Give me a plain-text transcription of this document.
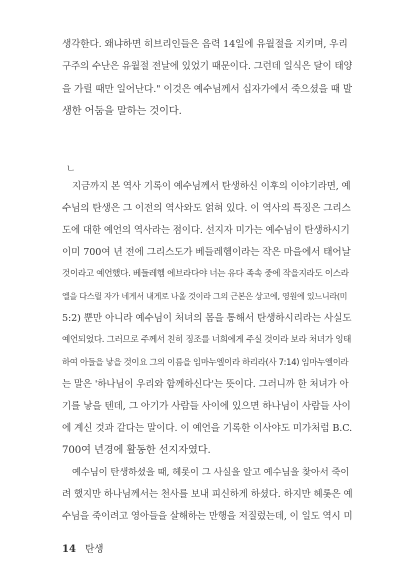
생각한다. 왜냐하면 히브리인들은 음력 14일에 유월절을 지키며, 우리
구주의 수난은 유월절 전날에 있었기 때문이다. 그런데 일식은 달이 태양
을 가릴 때만 일어난다." 이것은 예수님께서 십자가에서 죽으셨을 때 발
생한 어둠을 말하는 것이다.
ㄴ
지금까지 본 역사 기록이 예수님께서 탄생하신 이후의 이야기라면, 예
수님의 탄생은 그 이전의 역사와도 얽혀 있다. 이 역사의 특징은 그리스
도에 대한 예언의 역사라는 점이다. 선지자 미가는 예수님이 탄생하시기
이미 700여 년 전에 그리스도가 베들레헴이라는 작은 마을에서 태어날
것이라고 예언했다. 베들레헴 에브라다야 너는 유다 족속 중에 작을지라도 이스라
엘을 다스릴 자가 네게서 내게로 나올 것이라 그의 근본은 상고에, 영원에 있느니라(미
5:2) 뿐만 아니라 예수님이 처녀의 몸을 통해서 탄생하시리라는 사실도
예언되었다. 그러므로 주께서 친히 징조를 너희에게 주실 것이라 보라 처녀가 잉태
하여 아들을 낳을 것이요 그의 이름을 임마누엘이라 하리라(사 7:14) 임마누엘이라
는 말은 '하나님이 우리와 함께하신다'는 뜻이다. 그러니까 한 처녀가 아
기를 낳을 텐데, 그 아기가 사람들 사이에 있으면 하나님이 사람들 사이
에 계신 것과 같다는 말이다. 이 예언을 기록한 이사야도 미가처럼 B.C.
700여 년경에 활동한 선지자였다.
예수님이 탄생하셨을 때, 헤롯이 그 사실을 알고 예수님을 찾아서 죽이
려 했지만 하나님께서는 천사를 보내 피신하게 하셨다. 하지만 헤롯은 예
수님을 죽이려고 영아들을 살해하는 만행을 저질렀는데, 이 일도 역시 미
14 탄생
